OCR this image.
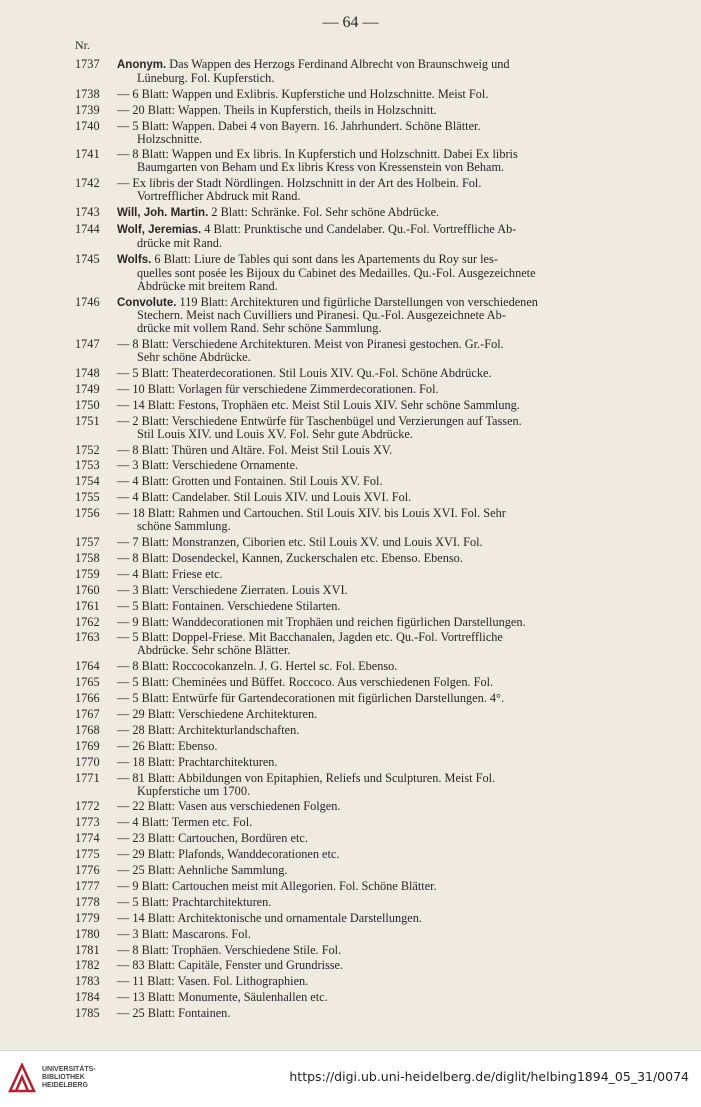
— 64 —
Nr.
1737	Anonym. Das Wappen des Herzogs Ferdinand Albrecht von Braunschweig und
Lüneburg. Fol. Kupferstich.
1738	— 6 Blatt: Wappen und Exlibris. Kupferstiche und Holzschnitte. Meist Fol.
1739	— 20 Blatt: Wappen. Theils in Kupferstich, theils in Holzschnitt.
1740	— 5 Blatt: Wappen. Dabei 4 von Bayern. 16. Jahrhundert. Schöne Blätter.
Holzschnitte.
1741	— 8 Blatt: Wappen und Ex libris. In Kupferstich und Holzschnitt. Dabei Ex libris
Baumgarten von Beham und Ex libris Kress von Kressenstein von Beham.
1742	— Ex libris der Stadt Nördlingen. Holzschnitt in der Art des Holbein. Fol.
Vortrefflicher Abdruck mit Rand.
1743	Will, Joh. Martin. 2 Blatt: Schränke. Fol. Sehr schöne Abdrücke.
1744	Wolf, Jeremias. 4 Blatt: Prunktische und Candelaber. Qu.-Fol. Vortreffliche Ab-
drücke mit Rand.
1745	Wolfs. 6 Blatt: Liure de Tables qui sont dans les Apartements du Roy sur les-
quelles sont posée les Bijoux du Cabinet des Medailles. Qu.-Fol. Ausgezeichnete
Abdrücke mit breitem Rand.
1746	Convolute. 119 Blatt: Architekturen und figürliche Darstellungen von verschiedenen
Stechern. Meist nach Cuvilliers und Piranesi. Qu.-Fol. Ausgezeichnete Ab-
drücke mit vollem Rand. Sehr schöne Sammlung.
1747	— 8 Blatt: Verschiedene Architekturen. Meist von Piranesi gestochen. Gr.-Fol.
Sehr schöne Abdrücke.
1748	— 5 Blatt: Theaterdecorationen. Stil Louis XIV. Qu.-Fol. Schöne Abdrücke.
1749	— 10 Blatt: Vorlagen für verschiedene Zimmerdecorationen. Fol.
1750	— 14 Blatt: Festons, Trophäen etc. Meist Stil Louis XIV. Sehr schöne Sammlung.
1751	— 2 Blatt: Verschiedene Entwürfe für Taschenbügel und Verzierungen auf Tassen.
Stil Louis XIV. und Louis XV. Fol. Sehr gute Abdrücke.
1752	— 8 Blatt: Thüren und Altäre. Fol. Meist Stil Louis XV.
1753	— 3 Blatt: Verschiedene Ornamente.
1754	— 4 Blatt: Grotten und Fontainen. Stil Louis XV. Fol.
1755	— 4 Blatt: Candelaber. Stil Louis XIV. und Louis XVI. Fol.
1756	— 18 Blatt: Rahmen und Cartouchen. Stil Louis XIV. bis Louis XVI. Fol. Sehr
schöne Sammlung.
1757	— 7 Blatt: Monstranzen, Ciborien etc. Stil Louis XV. und Louis XVI. Fol.
1758	— 8 Blatt: Dosendeckel, Kannen, Zuckerschalen etc. Ebenso. Ebenso.
1759	— 4 Blatt: Friese etc.
1760	— 3 Blatt: Verschiedene Zierraten. Louis XVI.
1761	— 5 Blatt: Fontainen. Verschiedene Stilarten.
1762	— 9 Blatt: Wanddecorationen mit Trophäen und reichen figürlichen Darstellungen.
1763	— 5 Blatt: Doppel-Friese. Mit Bacchanalen, Jagden etc. Qu.-Fol. Vortreffliche
Abdrücke. Sehr schöne Blätter.
1764	— 8 Blatt: Roccocokanzeln. J. G. Hertel sc. Fol. Ebenso.
1765	— 5 Blatt: Cheminées und Büffet. Roccoco. Aus verschiedenen Folgen. Fol.
1766	— 5 Blatt: Entwürfe für Gartendecorationen mit figürlichen Darstellungen. 4°.
1767	— 29 Blatt: Verschiedene Architekturen.
1768	— 28 Blatt: Architekturlandschaften.
1769	— 26 Blatt: Ebenso.
1770	— 18 Blatt: Prachtarchitekturen.
1771	— 81 Blatt: Abbildungen von Epitaphien, Reliefs und Sculpturen. Meist Fol.
Kupferstiche um 1700.
1772	— 22 Blatt: Vasen aus verschiedenen Folgen.
1773	— 4 Blatt: Termen etc. Fol.
1774	— 23 Blatt: Cartouchen, Bordüren etc.
1775	— 29 Blatt: Plafonds, Wanddecorationen etc.
1776	— 25 Blatt: Aehnliche Sammlung.
1777	— 9 Blatt: Cartouchen meist mit Allegorien. Fol. Schöne Blätter.
1778	— 5 Blatt: Prachtarchitekturen.
1779	— 14 Blatt: Architektonische und ornamentale Darstellungen.
1780	— 3 Blatt: Mascarons. Fol.
1781	— 8 Blatt: Trophäen. Verschiedene Stile. Fol.
1782	— 83 Blatt: Capitäle, Fenster und Grundrisse.
1783	— 11 Blatt: Vasen. Fol. Lithographien.
1784	— 13 Blatt: Monumente, Säulenhallen etc.
1785	— 25 Blatt: Fontainen.
UNIVERSITÄTS-
BIBLIOTHEK
HEIDELBERG
https://digi.ub.uni-heidelberg.de/diglit/helbing1894_05_31/0074
